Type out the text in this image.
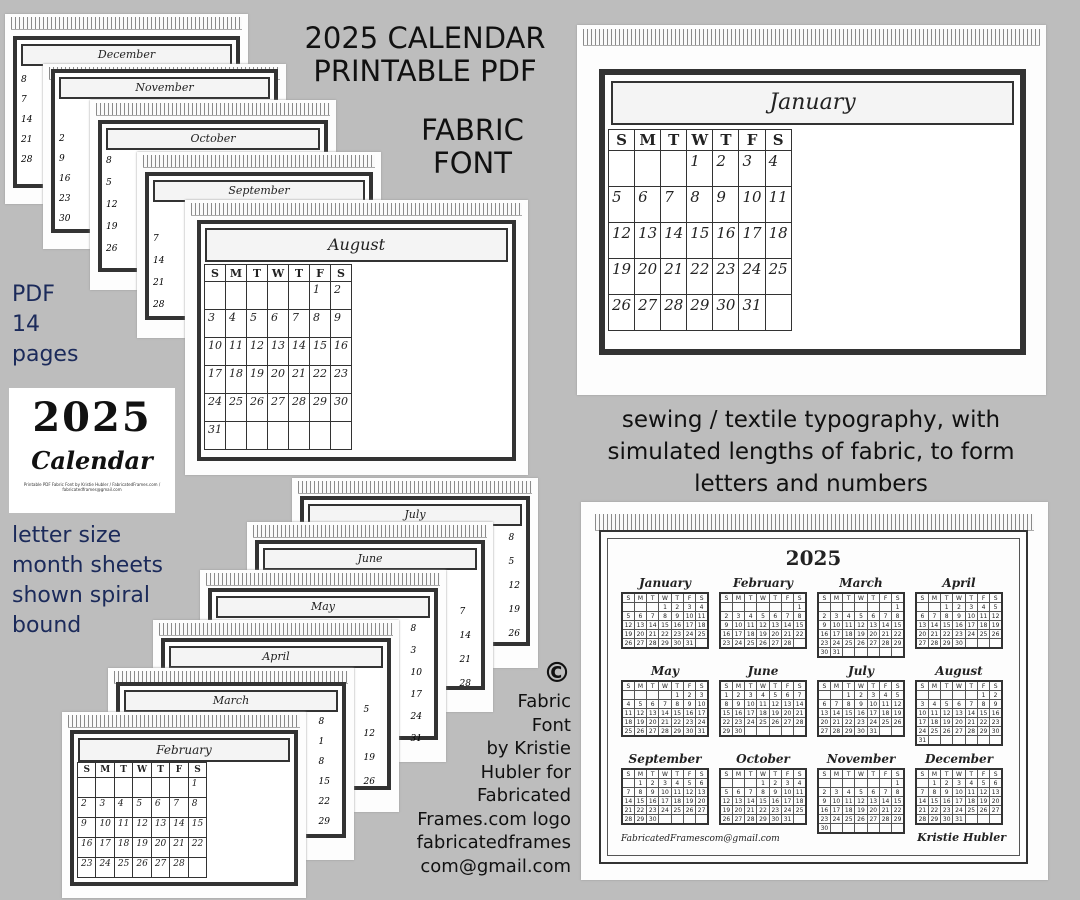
2025 CALENDAR
PRINTABLE PDF
FABRIC
FONT
PDF
14
pages
2025
Calendar
Printable PDF Fabric Font by Kristie Hubler / FabricatedFrames.com / fabricatedframes@gmail.com
letter size
month sheets
shown spiral
bound
December
8
7
14
21
28
November
2
9
16
23
30
October
8
5
12
19
26
September
7
14
21
28
August
S	M	T	W	T	F	S
					1	2
3	4	5	6	7	8	9
10	11	12	13	14	15	16
17	18	19	20	21	22	23
24	25	26	27	28	29	30
31						
July
8
5
12
19
26
June
7
14
21
28
May
8
3
10
17
24
31
April
5
12
19
26
March
8
1
8
15
22
29
February
S	M	T	W	T	F	S
						1
2	3	4	5	6	7	8
9	10	11	12	13	14	15
16	17	18	19	20	21	22
23	24	25	26	27	28	
January
S	M	T	W	T	F	S
			1	2	3	4
5	6	7	8	9	10	11
12	13	14	15	16	17	18
19	20	21	22	23	24	25
26	27	28	29	30	31	
sewing / textile typography, with
simulated lengths of fabric, to form
letters and numbers
©
Fabric
Font
by Kristie
Hubler for
Fabricated
Frames.com logo
fabricatedframes
com@gmail.com
2025
January
S	M	T	W	T	F	S
			1	2	3	4
5	6	7	8	9	10	11
12	13	14	15	16	17	18
19	20	21	22	23	24	25
26	27	28	29	30	31	
February
S	M	T	W	T	F	S
						1
2	3	4	5	6	7	8
9	10	11	12	13	14	15
16	17	18	19	20	21	22
23	24	25	26	27	28	
March
S	M	T	W	T	F	S
						1
2	3	4	5	6	7	8
9	10	11	12	13	14	15
16	17	18	19	20	21	22
23	24	25	26	27	28	29
30	31					
April
S	M	T	W	T	F	S
		1	2	3	4	5
6	7	8	9	10	11	12
13	14	15	16	17	18	19
20	21	22	23	24	25	26
27	28	29	30			
May
S	M	T	W	T	F	S
				1	2	3
4	5	6	7	8	9	10
11	12	13	14	15	16	17
18	19	20	21	22	23	24
25	26	27	28	29	30	31
June
S	M	T	W	T	F	S
1	2	3	4	5	6	7
8	9	10	11	12	13	14
15	16	17	18	19	20	21
22	23	24	25	26	27	28
29	30					
July
S	M	T	W	T	F	S
		1	2	3	4	5
6	7	8	9	10	11	12
13	14	15	16	17	18	19
20	21	22	23	24	25	26
27	28	29	30	31		
August
S	M	T	W	T	F	S
					1	2
3	4	5	6	7	8	9
10	11	12	13	14	15	16
17	18	19	20	21	22	23
24	25	26	27	28	29	30
31						
September
S	M	T	W	T	F	S
	1	2	3	4	5	6
7	8	9	10	11	12	13
14	15	16	17	18	19	20
21	22	23	24	25	26	27
28	29	30				
October
S	M	T	W	T	F	S
			1	2	3	4
5	6	7	8	9	10	11
12	13	14	15	16	17	18
19	20	21	22	23	24	25
26	27	28	29	30	31	
November
S	M	T	W	T	F	S
						1
2	3	4	5	6	7	8
9	10	11	12	13	14	15
16	17	18	19	20	21	22
23	24	25	26	27	28	29
30						
December
S	M	T	W	T	F	S
	1	2	3	4	5	6
7	8	9	10	11	12	13
14	15	16	17	18	19	20
21	22	23	24	25	26	27
28	29	30	31			
FabricatedFramescom@gmail.com	Kristie Hubler
